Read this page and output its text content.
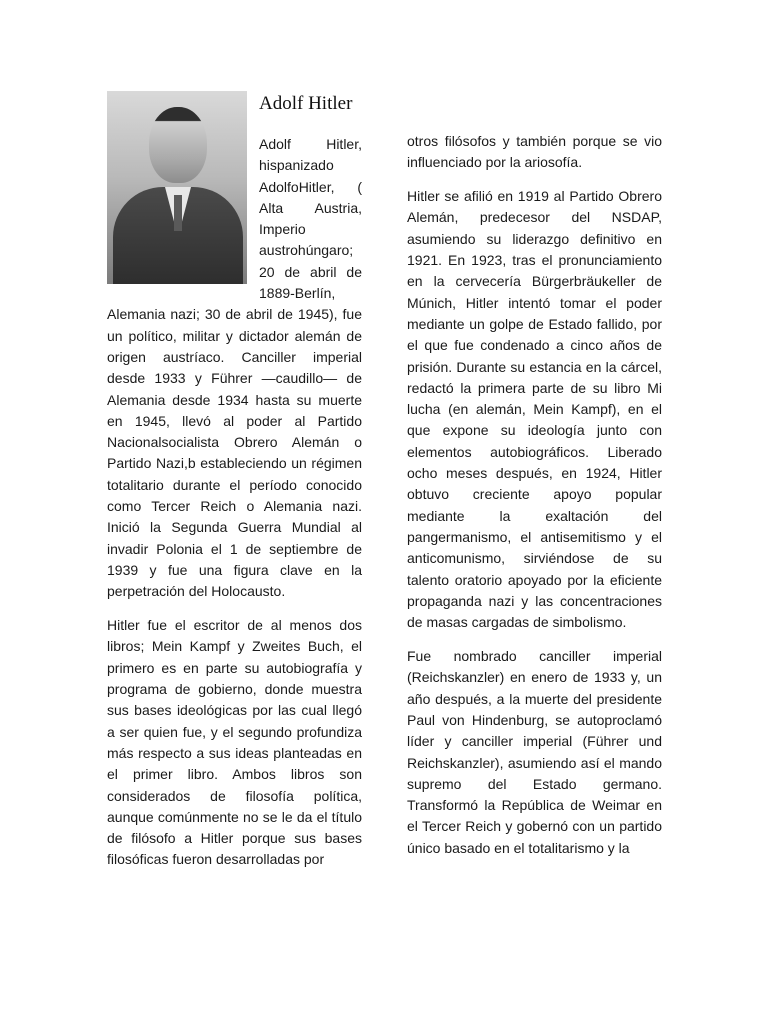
Adolf Hitler

Adolf Hitler, hispanizado AdolfoHitler, ( Alta Austria, Imperio austrohúngaro; 20 de abril de 1889-Berlín, Alemania nazi; 30 de abril de 1945), fue un político, militar y dictador alemán de origen austríaco. Canciller imperial desde 1933 y Führer —caudillo— de Alemania desde 1934 hasta su muerte en 1945, llevó al poder al Partido Nacionalsocialista Obrero Alemán o Partido Nazi,b estableciendo un régimen totalitario durante el período conocido como Tercer Reich o Alemania nazi. Inició la Segunda Guerra Mundial al invadir Polonia el 1 de septiembre de 1939 y fue una figura clave en la perpetración del Holocausto.

Hitler fue el escritor de al menos dos libros; Mein Kampf y Zweites Buch, el primero es en parte su autobiografía y programa de gobierno, donde muestra sus bases ideológicas por las cual llegó a ser quien fue, y el segundo profundiza más respecto a sus ideas planteadas en el primer libro. Ambos libros son considerados de filosofía política, aunque comúnmente no se le da el título de filósofo a Hitler porque sus bases filosóficas fueron desarrolladas por

otros filósofos y también porque se vio influenciado por la ariosofía.

Hitler se afilió en 1919 al Partido Obrero Alemán, predecesor del NSDAP, asumiendo su liderazgo definitivo en 1921. En 1923, tras el pronunciamiento en la cervecería Bürgerbräukeller de Múnich, Hitler intentó tomar el poder mediante un golpe de Estado fallido, por el que fue condenado a cinco años de prisión. Durante su estancia en la cárcel, redactó la primera parte de su libro Mi lucha (en alemán, Mein Kampf), en el que expone su ideología junto con elementos autobiográficos. Liberado ocho meses después, en 1924, Hitler obtuvo creciente apoyo popular mediante la exaltación del pangermanismo, el antisemitismo y el anticomunismo, sirviéndose de su talento oratorio apoyado por la eficiente propaganda nazi y las concentraciones de masas cargadas de simbolismo.

Fue nombrado canciller imperial (Reichskanzler) en enero de 1933 y, un año después, a la muerte del presidente Paul von Hindenburg, se autoproclamó líder y canciller imperial (Führer und Reichskanzler), asumiendo así el mando supremo del Estado germano. Transformó la República de Weimar en el Tercer Reich y gobernó con un partido único basado en el totalitarismo y la
